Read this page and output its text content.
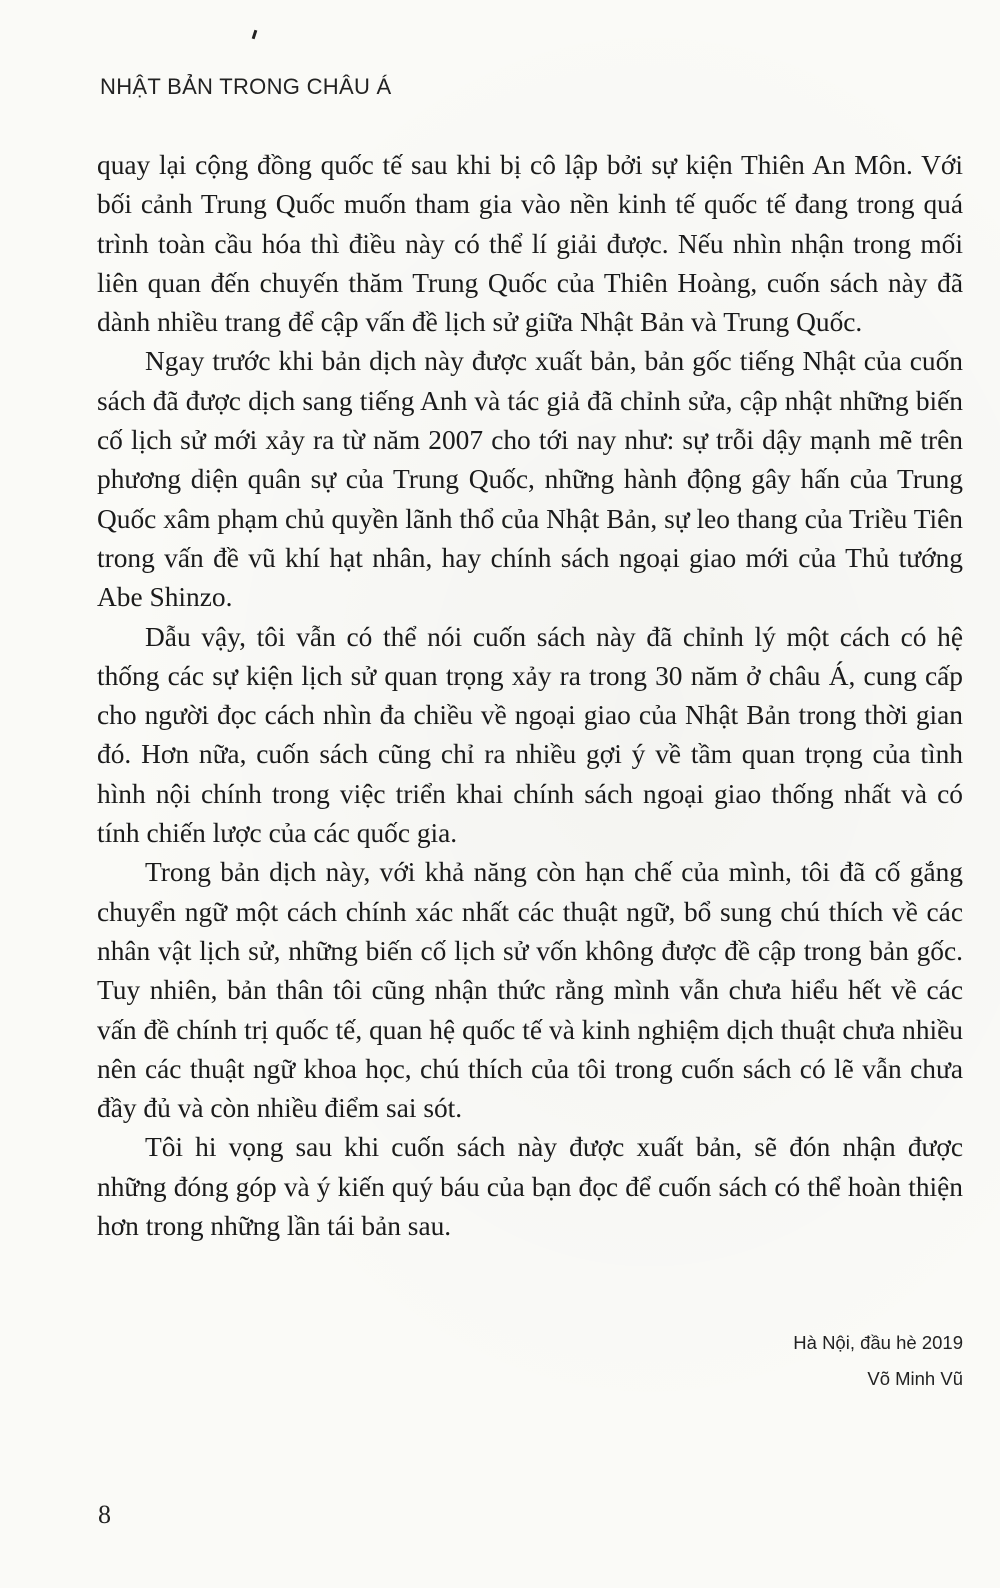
NHẬT BẢN TRONG CHÂU Á

quay lại cộng đồng quốc tế sau khi bị cô lập bởi sự kiện Thiên An Môn. Với bối cảnh Trung Quốc muốn tham gia vào nền kinh tế quốc tế đang trong quá trình toàn cầu hóa thì điều này có thể lí giải được. Nếu nhìn nhận trong mối liên quan đến chuyến thăm Trung Quốc của Thiên Hoàng, cuốn sách này đã dành nhiều trang để cập vấn đề lịch sử giữa Nhật Bản và Trung Quốc.

Ngay trước khi bản dịch này được xuất bản, bản gốc tiếng Nhật của cuốn sách đã được dịch sang tiếng Anh và tác giả đã chỉnh sửa, cập nhật những biến cố lịch sử mới xảy ra từ năm 2007 cho tới nay như: sự trỗi dậy mạnh mẽ trên phương diện quân sự của Trung Quốc, những hành động gây hấn của Trung Quốc xâm phạm chủ quyền lãnh thổ của Nhật Bản, sự leo thang của Triều Tiên trong vấn đề vũ khí hạt nhân, hay chính sách ngoại giao mới của Thủ tướng Abe Shinzo.

Dẫu vậy, tôi vẫn có thể nói cuốn sách này đã chỉnh lý một cách có hệ thống các sự kiện lịch sử quan trọng xảy ra trong 30 năm ở châu Á, cung cấp cho người đọc cách nhìn đa chiều về ngoại giao của Nhật Bản trong thời gian đó. Hơn nữa, cuốn sách cũng chỉ ra nhiều gợi ý về tầm quan trọng của tình hình nội chính trong việc triển khai chính sách ngoại giao thống nhất và có tính chiến lược của các quốc gia.

Trong bản dịch này, với khả năng còn hạn chế của mình, tôi đã cố gắng chuyển ngữ một cách chính xác nhất các thuật ngữ, bổ sung chú thích về các nhân vật lịch sử, những biến cố lịch sử vốn không được đề cập trong bản gốc. Tuy nhiên, bản thân tôi cũng nhận thức rằng mình vẫn chưa hiểu hết về các vấn đề chính trị quốc tế, quan hệ quốc tế và kinh nghiệm dịch thuật chưa nhiều nên các thuật ngữ khoa học, chú thích của tôi trong cuốn sách có lẽ vẫn chưa đầy đủ và còn nhiều điểm sai sót.

Tôi hi vọng sau khi cuốn sách này được xuất bản, sẽ đón nhận được những đóng góp và ý kiến quý báu của bạn đọc để cuốn sách có thể hoàn thiện hơn trong những lần tái bản sau.

Hà Nội, đầu hè 2019
Võ Minh Vũ
8
